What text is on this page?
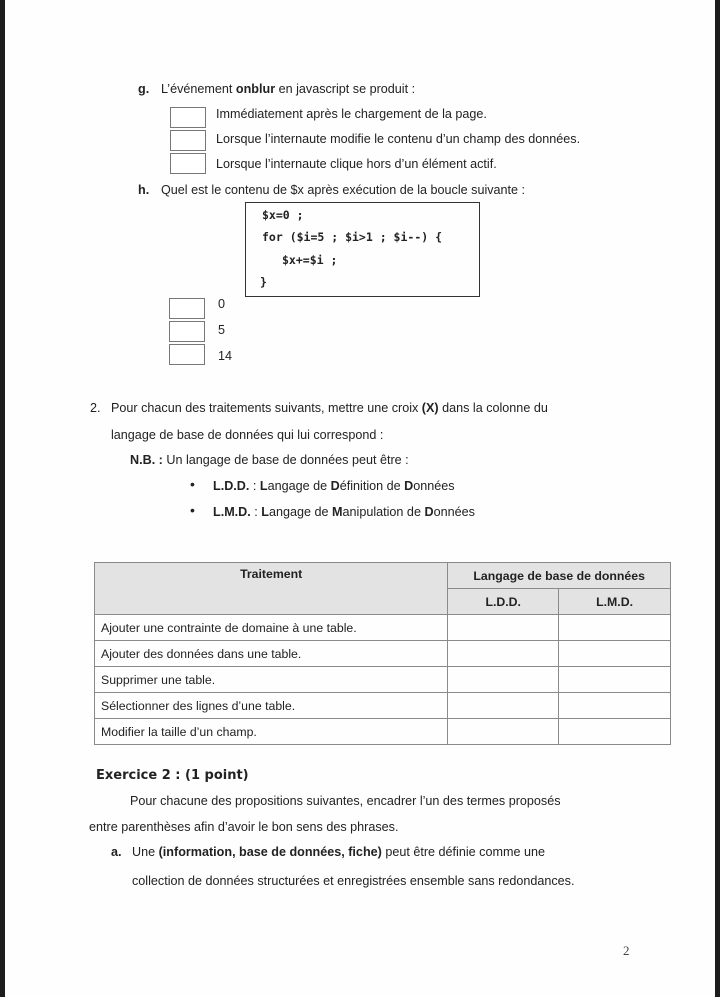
g. L’événement onblur en javascript se produit :
Immédiatement après le chargement de la page.
Lorsque l’internaute modifie le contenu d’un champ des données.
Lorsque l’internaute clique hors d’un élément actif.
h. Quel est le contenu de $x après exécution de la boucle suivante :
$x=0 ;
for ($i=5 ; $i>1 ; $i--) {
$x+=$i ;
}
0
5
14
2. Pour chacun des traitements suivants, mettre une croix (X) dans la colonne du
langage de base de données qui lui correspond :
N.B. : Un langage de base de données peut être :
• L.D.D. : Langage de Définition de Données
• L.M.D. : Langage de Manipulation de Données
Traitement	Langage de base de données	
	L.D.D.	L.M.D.
Ajouter une contrainte de domaine à une table.		
Ajouter des données dans une table.		
Supprimer une table.		
Sélectionner des lignes d’une table.		
Modifier la taille d’un champ.		
Exercice 2 : (1 point)
Pour chacune des propositions suivantes, encadrer l’un des termes proposés
entre parenthèses afin d’avoir le bon sens des phrases.
a. Une (information, base de données, fiche) peut être définie comme une
collection de données structurées et enregistrées ensemble sans redondances.
2
